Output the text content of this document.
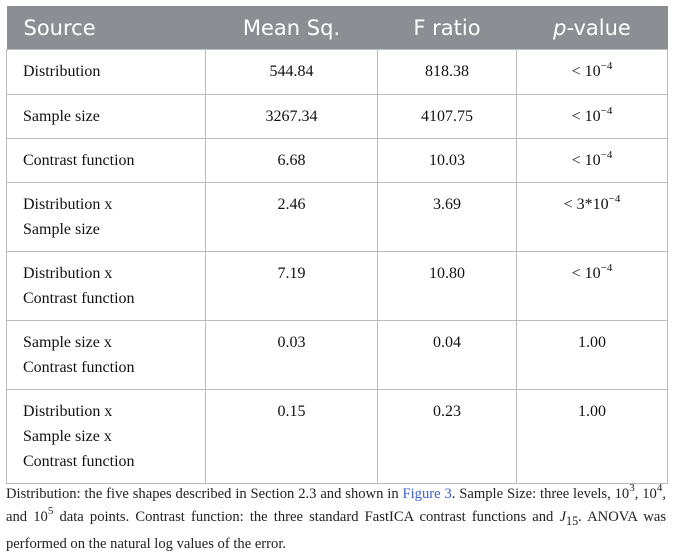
Source	Mean Sq.	F ratio	p-value

Distribution	544.84	818.38	< $10^{-4}$

Sample size	3267.34	4107.75	< $10^{-4}$

Contrast function	6.68	10.03	< $10^{-4}$

Distribution x
Sample size	2.46	3.69	< $3*10^{-4}$

Distribution x
Contrast function	7.19	10.80	< $10^{-4}$

Sample size x
Contrast function	0.03	0.04	1.00

Distribution x
Sample size x
Contrast function	0.15	0.23	1.00
Distribution: the five shapes described in Section 2.3 and shown in Figure 3. Sample Size: three levels, $10^3$, $10^4$, and $10^5$ data points. Contrast function: the three standard FastICA contrast functions and $J_{15}$. ANOVA was performed on the natural log values of the error.
